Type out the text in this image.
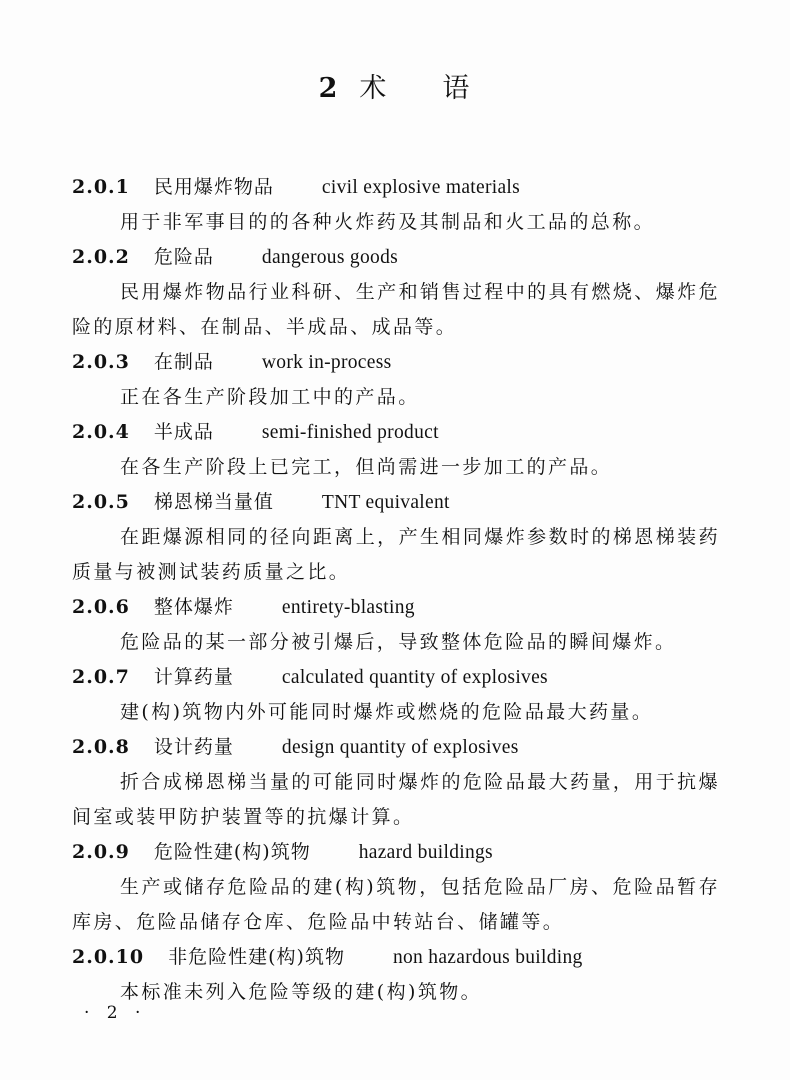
2 术 语
2.0.1 民用爆炸物品 civil explosive materials
用于非军事目的的各种火炸药及其制品和火工品的总称。
2.0.2 危险品 dangerous goods
民用爆炸物品行业科研、生产和销售过程中的具有燃烧、爆炸危险的原材料、在制品、半成品、成品等。
2.0.3 在制品 work in-process
正在各生产阶段加工中的产品。
2.0.4 半成品 semi-finished product
在各生产阶段上已完工，但尚需进一步加工的产品。
2.0.5 梯恩梯当量值 TNT equivalent
在距爆源相同的径向距离上，产生相同爆炸参数时的梯恩梯装药质量与被测试装药质量之比。
2.0.6 整体爆炸 entirety-blasting
危险品的某一部分被引爆后，导致整体危险品的瞬间爆炸。
2.0.7 计算药量 calculated quantity of explosives
建(构)筑物内外可能同时爆炸或燃烧的危险品最大药量。
2.0.8 设计药量 design quantity of explosives
折合成梯恩梯当量的可能同时爆炸的危险品最大药量，用于抗爆间室或装甲防护装置等的抗爆计算。
2.0.9 危险性建(构)筑物 hazard buildings
生产或储存危险品的建(构)筑物，包括危险品厂房、危险品暂存库房、危险品储存仓库、危险品中转站台、储罐等。
2.0.10 非危险性建(构)筑物 non hazardous building
本标准未列入危险等级的建(构)筑物。
· 2 ·
